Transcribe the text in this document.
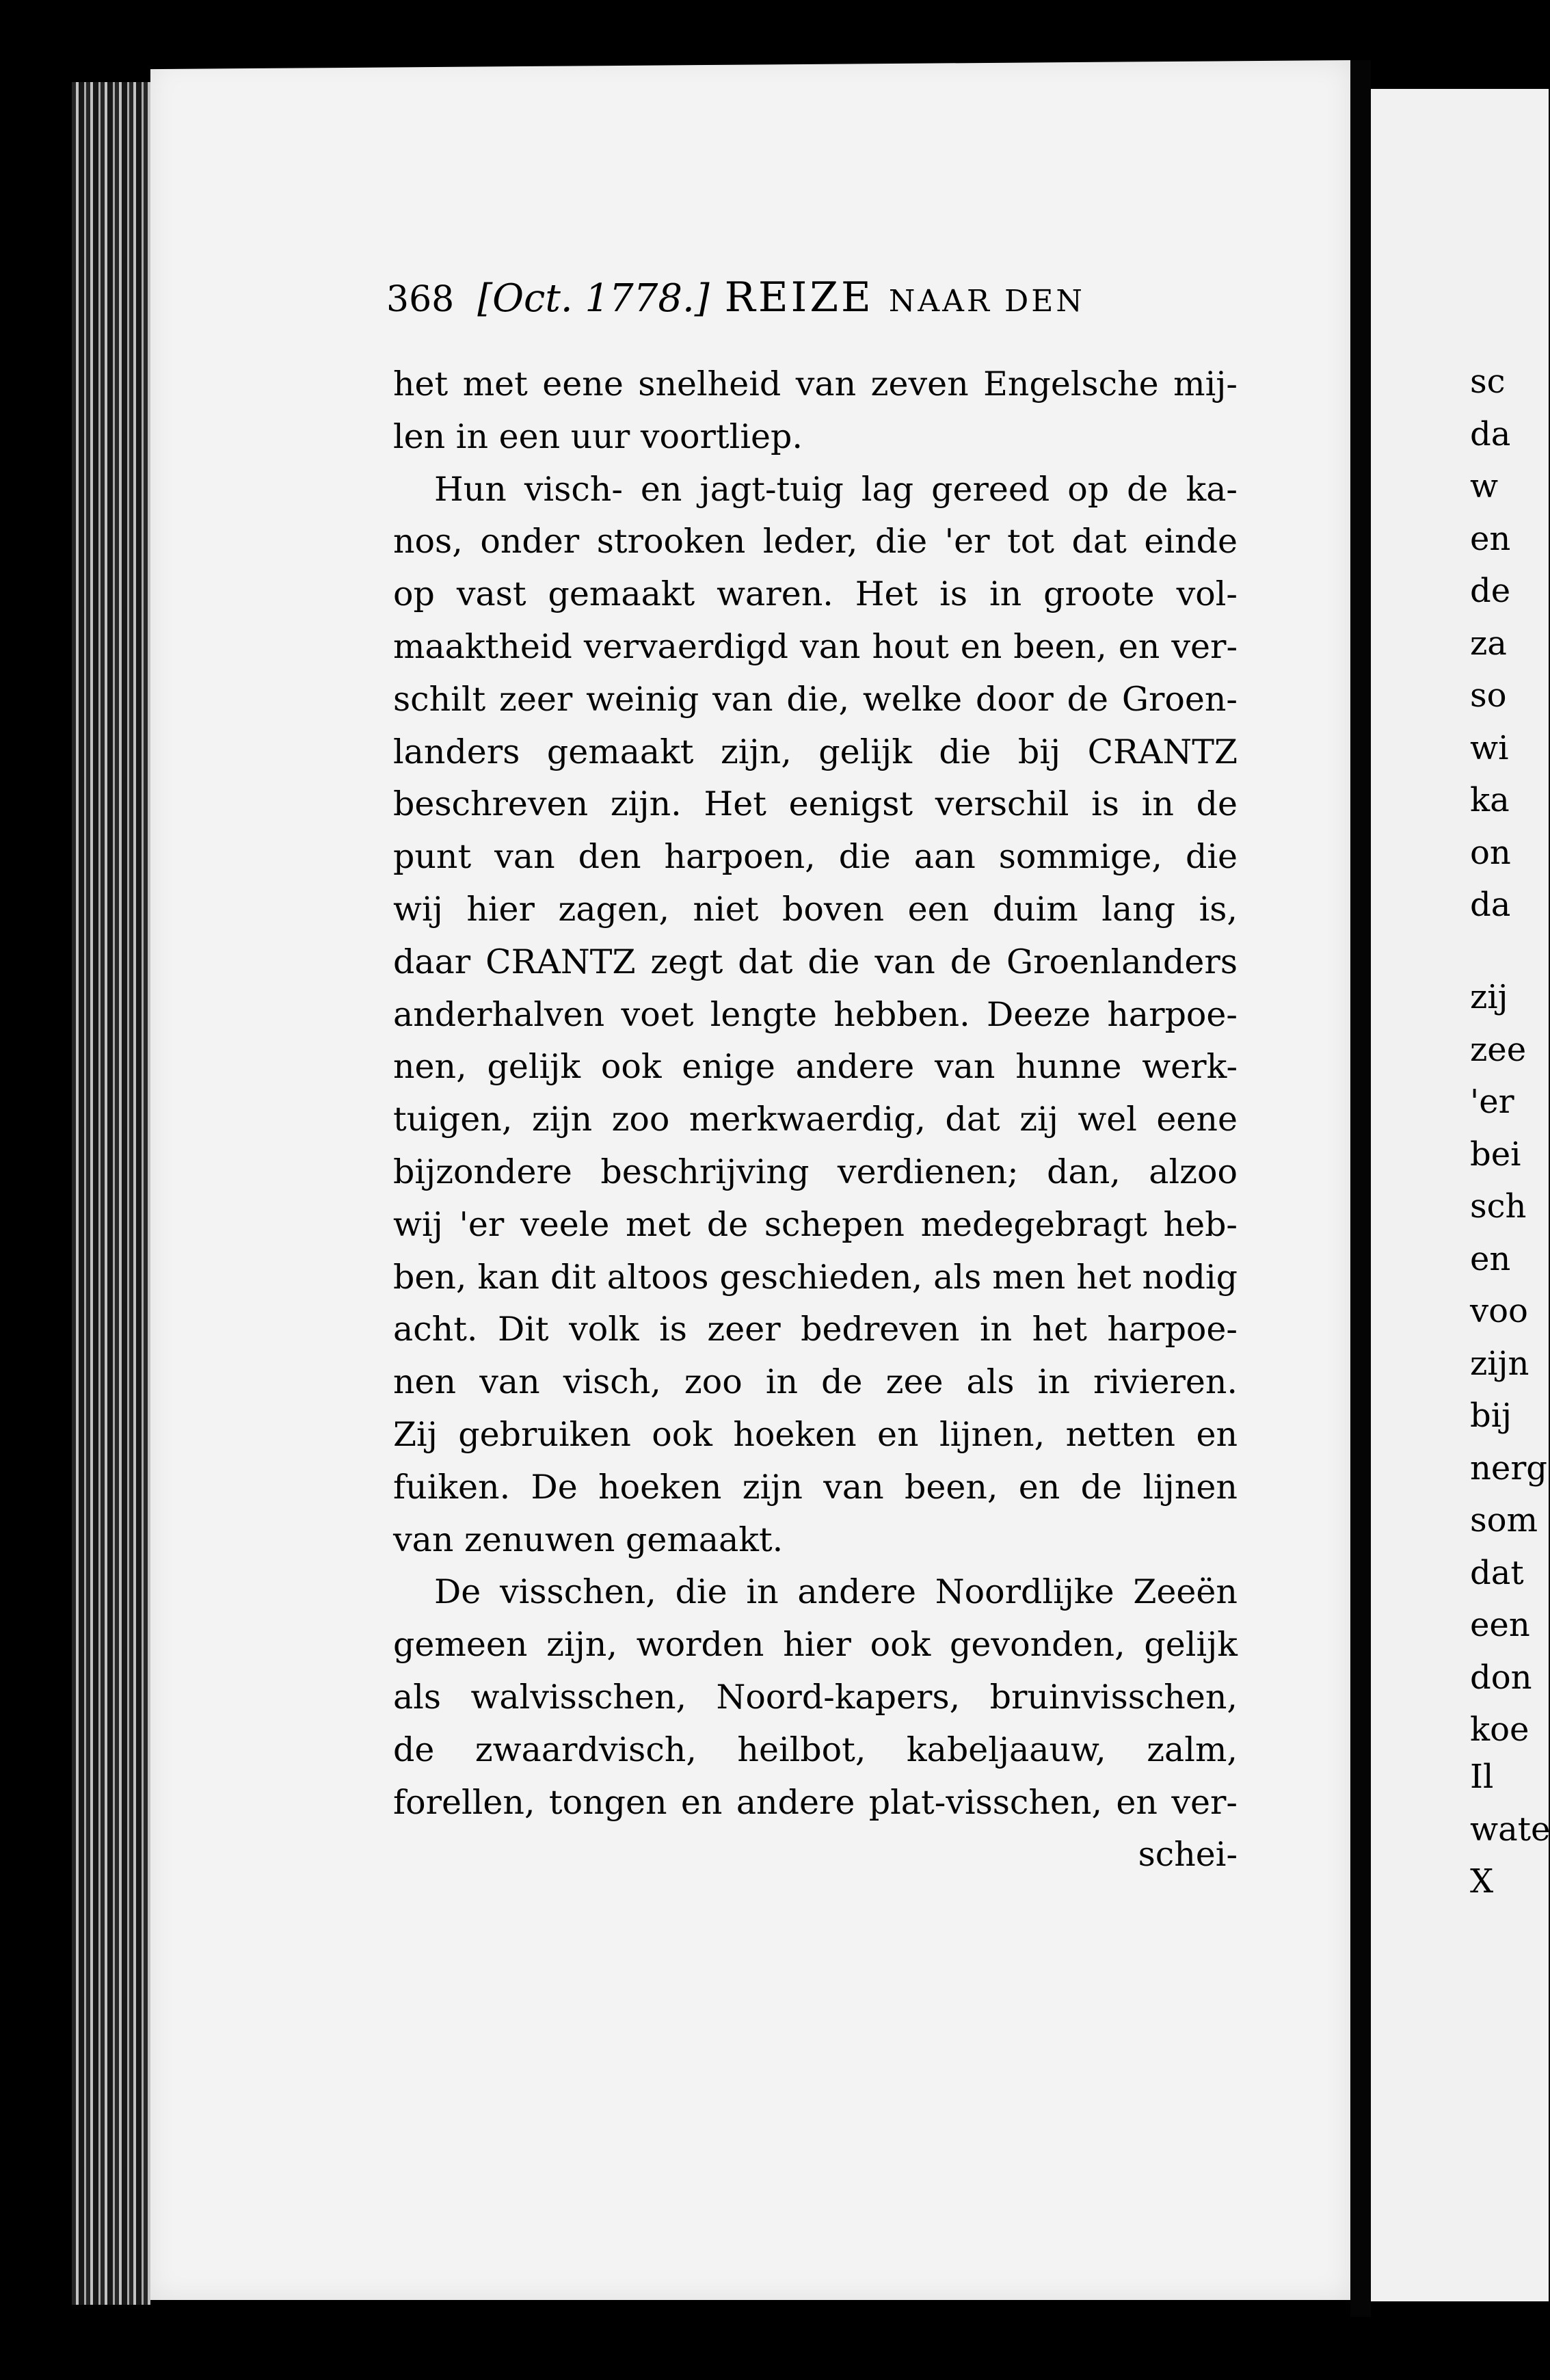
368 [Oct. 1778.] REIZE NAAR DEN
het met eene snelheid van zeven Engelsche mij-
len in een uur voortliep.
Hun visch- en jagt-tuig lag gereed op de ka-
nos, onder strooken leder, die 'er tot dat einde
op vast gemaakt waren. Het is in groote vol-
maaktheid vervaerdigd van hout en been, en ver-
schilt zeer weinig van die, welke door de Groen-
landers gemaakt zijn, gelijk die bij CRANTZ
beschreven zijn. Het eenigst verschil is in de
punt van den harpoen, die aan sommige, die
wij hier zagen, niet boven een duim lang is,
daar CRANTZ zegt dat die van de Groenlanders
anderhalven voet lengte hebben. Deeze harpoe-
nen, gelijk ook enige andere van hunne werk-
tuigen, zijn zoo merkwaerdig, dat zij wel eene
bijzondere beschrijving verdienen; dan, alzoo
wij 'er veele met de schepen medegebragt heb-
ben, kan dit altoos geschieden, als men het nodig
acht. Dit volk is zeer bedreven in het harpoe-
nen van visch, zoo in de zee als in rivieren.
Zij gebruiken ook hoeken en lijnen, netten en
fuiken. De hoeken zijn van been, en de lijnen
van zenuwen gemaakt.
De visschen, die in andere Noordlijke Zeeën
gemeen zijn, worden hier ook gevonden, gelijk
als walvisschen, Noord-kapers, bruinvisschen,
de zwaardvisch, heilbot, kabeljaauw, zalm,
forellen, tongen en andere plat-visschen, en ver-
schei-
sc
da
w
en
de
za
so
wi
ka
on
da
zij
zee
'er
bei
sch
en
voo
zijn
bij
nerg
som
dat
een
don
koe
Il
wate
X
